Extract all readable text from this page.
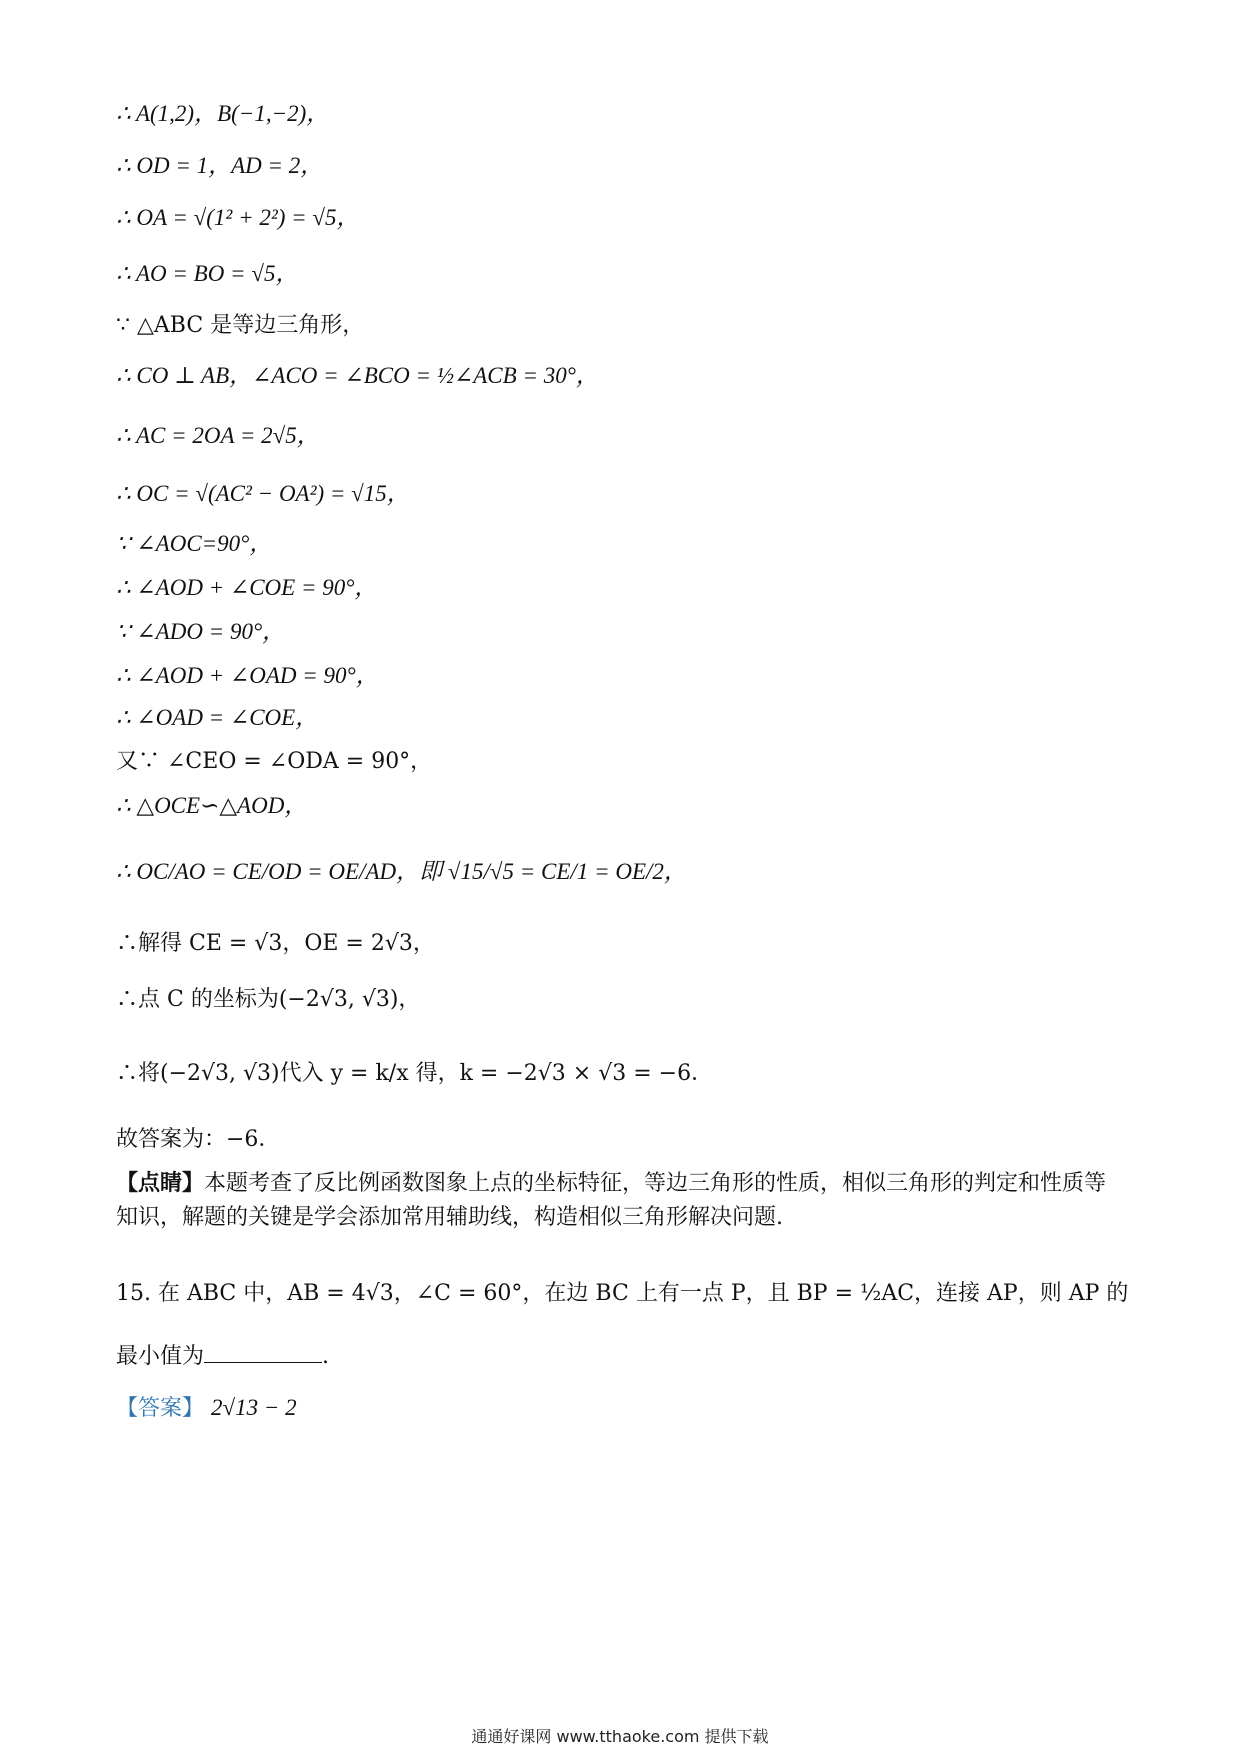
∴ A(1,2)，B(−1,−2)，
∴ OD = 1，AD = 2，
∴ OA = √(1² + 2²) = √5，
∴ AO = BO = √5，
∵ △ABC 是等边三角形，
∴ CO ⊥ AB，∠ACO = ∠BCO = ½∠ACB = 30°，
∴ AC = 2OA = 2√5，
∴ OC = √(AC² − OA²) = √15，
∵ ∠AOC=90°，
∴ ∠AOD + ∠COE = 90°，
∵ ∠ADO = 90°，
∴ ∠AOD + ∠OAD = 90°，
∴ ∠OAD = ∠COE，
又∵ ∠CEO = ∠ODA = 90°，
∴ △OCE∽△AOD，
∴ OC/AO = CE/OD = OE/AD，即 √15/√5 = CE/1 = OE/2，
∴解得 CE = √3，OE = 2√3，
∴点 C 的坐标为(−2√3, √3)，
∴将(−2√3, √3)代入 y = k/x 得，k = −2√3 × √3 = −6．
故答案为：−6．
【点睛】本题考查了反比例函数图象上点的坐标特征，等边三角形的性质，相似三角形的判定和性质等知识，解题的关键是学会添加常用辅助线，构造相似三角形解决问题.
15. 在 ABC 中，AB = 4√3，∠C = 60°，在边 BC 上有一点 P，且 BP = ½AC，连接 AP，则 AP 的
最小值为	.
【答案】 2√13 − 2
通通好课网 www.tthaoke.com 提供下载
